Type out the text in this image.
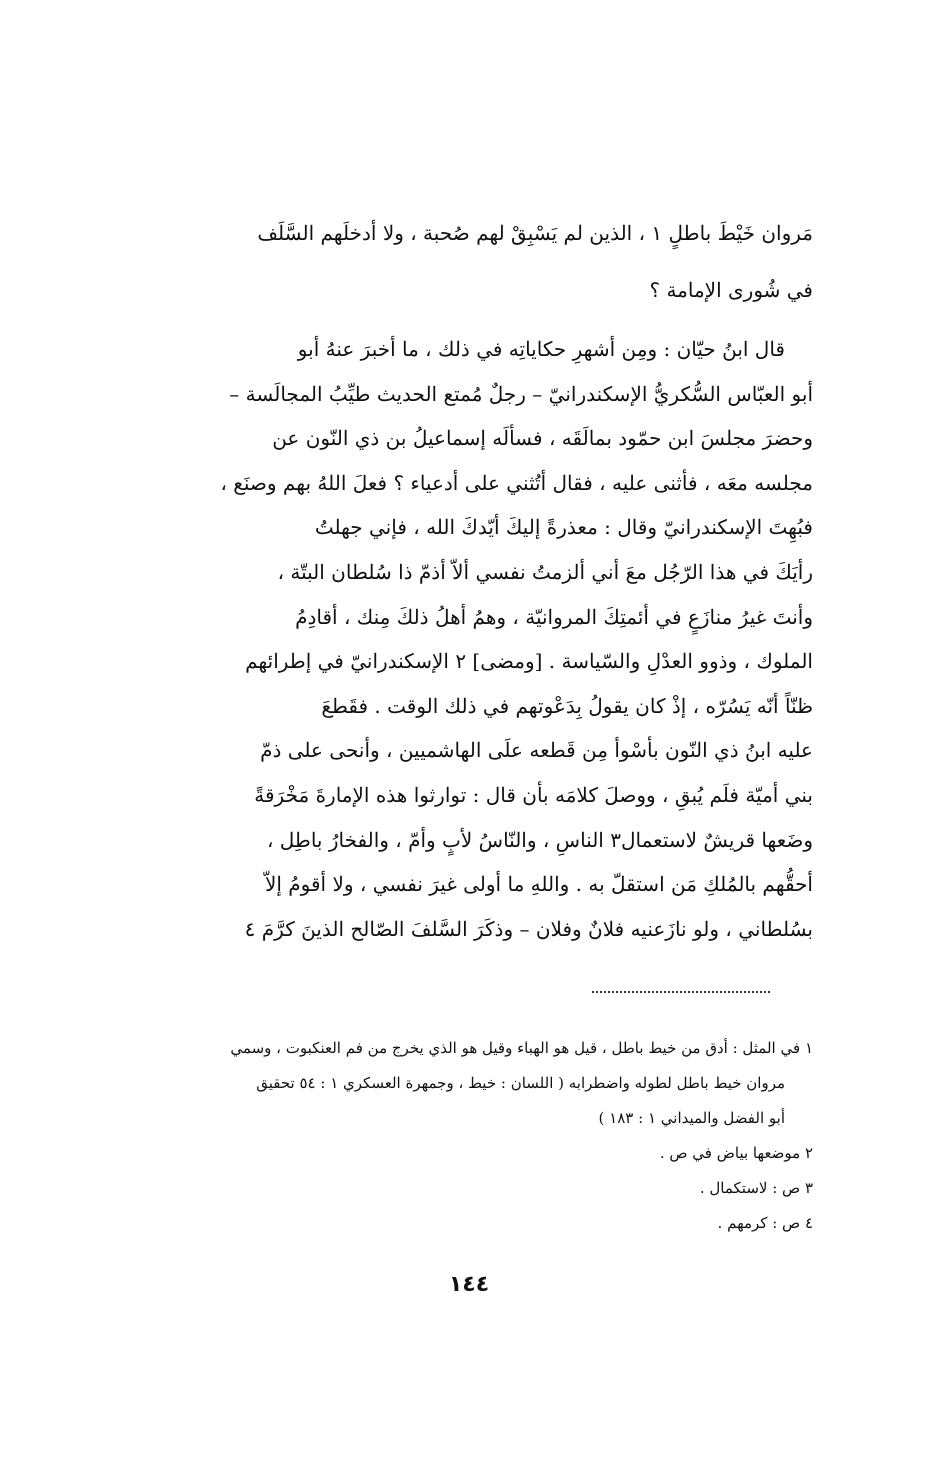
مَروان خَيْطَ باطلٍ ١ ، الذين لم يَسْبِقْ لهم صُحبة ، ولا أدخلَهم السَّلَف
في شُورى الإمامة ؟
قال ابنُ حيّان : ومِن أشهرِ حكاياتِه في ذلك ، ما أخبرَ عنهُ أبو
أبو العبّاس السُّكريُّ الإسكندرانيّ – رجلٌ مُمتع الحديث طيِّبُ المجالَسة –
وحضرَ مجلسَ ابن حمّود بمالَقَه ، فسألَه إسماعيلُ بن ذي النّون عن
مجلسه معَه ، فأثنى عليه ، فقال أتُثني على أدعياء ؟ فعلَ اللهُ بهم وصنَع ،
فبُهِتَ الإسكندرانيّ وقال : معذرةً إليكَ أيّدكَ الله ، فإني جهلتُ
رأيَكَ في هذا الرّجُل معَ أني ألزمتُ نفسي ألاّ أذمّ ذا سُلطان البتّة ،
وأنتَ غيرُ منازَعٍ في أئمتِكَ المروانيّة ، وهمُ أهلُ ذلكَ مِنك ، أقادِمُ
الملوك ، وذوو العدْلِ والسّياسة . [ومضى] ٢ الإسكندرانيّ في إطرائهم
ظنّاً أنّه يَسُرّه ، إذْ كان يقولُ بِدَعْوتهم في ذلك الوقت . فقَطعَ
عليه ابنُ ذي النّون بأسْوأ مِن قَطعه علَى الهاشميين ، وأنحى على ذمّ
بني أميّة فلَم يُبقِ ، ووصلَ كلامَه بأن قال : توارثوا هذه الإمارةَ مَخْرَقةً
وضَعها قريشٌ لاستعمال٣ الناسِ ، والنّاسُ لأبٍ وأمّ ، والفخارُ باطِل ،
أحقُّهم بالمُلكِ مَن استقلّ به . واللهِ ما أولى غيرَ نفسي ، ولا أقومُ إلاّ
بسُلطاني ، ولو نازَعنيه فلانٌ وفلان – وذكَرَ السَّلفَ الصّالح الذينَ كرَّمَ ٤
١ في المثل : أدق من خيط باطل ، قيل هو الهباء وقيل هو الذي يخرج من فم العنكبوت ، وسمي
مروان خيط باطل لطوله واضطرابه ( اللسان : خيط ، وجمهرة العسكري ١ : ٥٤ تحقيق
أبو الفضل والميداني ١ : ١٨٣ )
٢ موضعها بياض في ص .
٣ ص : لاستكمال .
٤ ص : كرمهم .
١٤٤
